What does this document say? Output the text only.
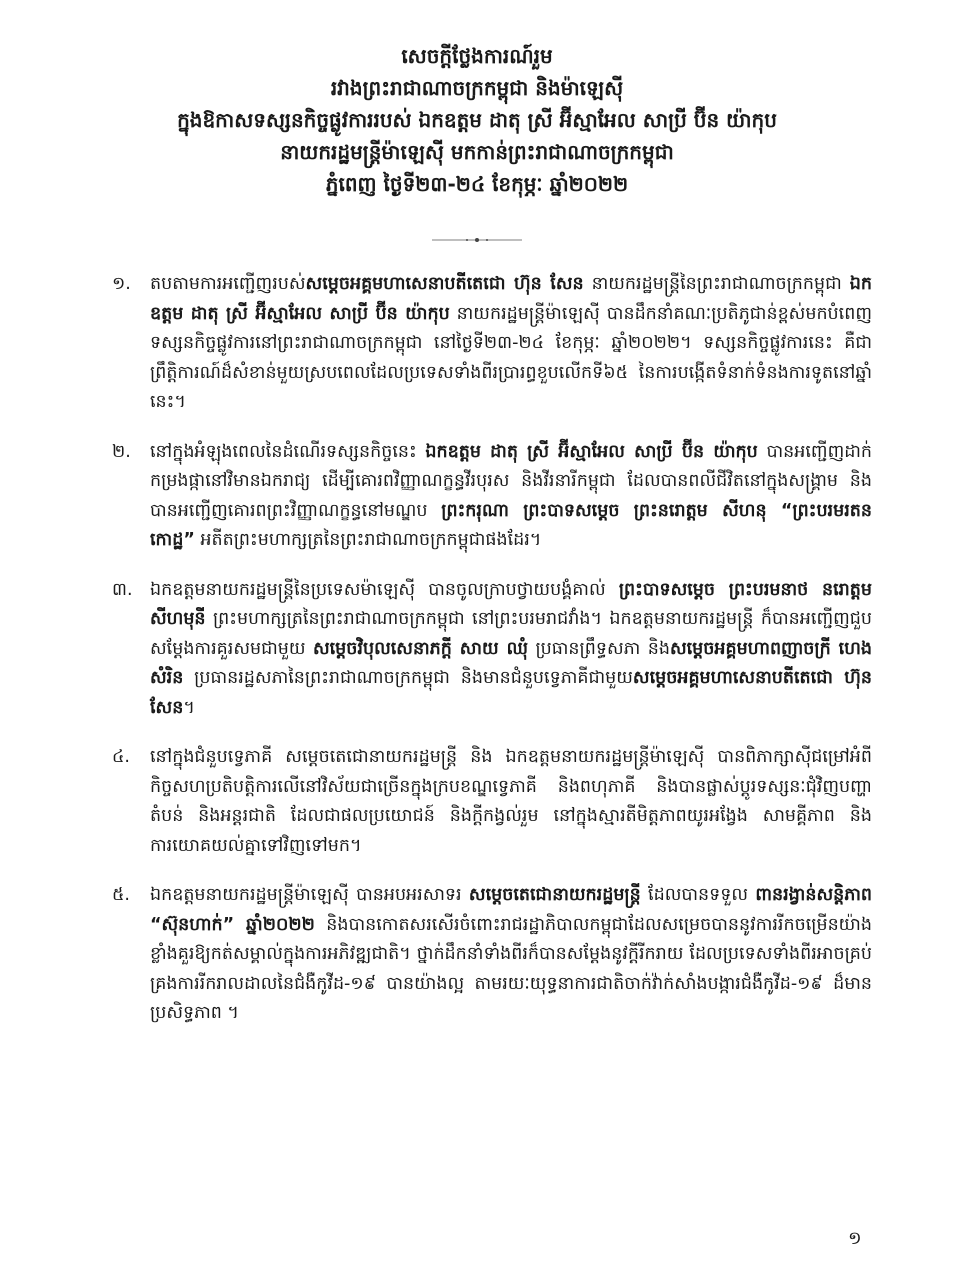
សេចក្តីថ្លែងការណ៍រួម
រវាងព្រះរាជាណាចក្រកម្ពុជា និងម៉ាឡេស៊ី
ក្នុងឱកាសទស្សនកិច្ចផ្លូវការរបស់ ឯកឧត្តម ដាតុ ស្រី អ៊ីស្មាអែល សាប្រី ប៊ីន យ៉ាកុប
នាយករដ្ឋមន្ត្រីម៉ាឡេស៊ី មកកាន់ព្រះរាជាណាចក្រកម្ពុជា
ភ្នំពេញ ថ្ងៃទី២៣-២៤ ខែកុម្ភៈ ឆ្នាំ២០២២
១. តបតាមការអញ្ជើញរបស់សម្តេចអគ្គមហាសេនាបតីតេជោ ហ៊ុន សែន នាយករដ្ឋមន្ត្រីនៃព្រះរាជាណាចក្រកម្ពុជា ឯកឧត្តម ដាតុ ស្រី អ៊ីស្មាអែល សាប្រី ប៊ីន យ៉ាកុប នាយករដ្ឋមន្ត្រីម៉ាឡេស៊ី បានដឹកនាំគណៈប្រតិភូជាន់ខ្ពស់មកបំពេញទស្សនកិច្ចផ្លូវការនៅព្រះរាជាណាចក្រកម្ពុជា នៅថ្ងៃទី២៣-២៤ ខែកុម្ភៈ ឆ្នាំ២០២២។ ទស្សនកិច្ចផ្លូវការនេះ គឺជាព្រឹត្តិការណ៍ដ៏សំខាន់មួយស្របពេលដែលប្រទេសទាំងពីរប្រារព្ធខួបលើកទី៦៥ នៃការបង្កើតទំនាក់ទំនងការទូតនៅឆ្នាំនេះ។
២. នៅក្នុងអំឡុងពេលនៃដំណើរទស្សនកិច្ចនេះ ឯកឧត្តម ដាតុ ស្រី អ៊ីស្មាអែល សាប្រី ប៊ីន យ៉ាកុប បានអញ្ជើញដាក់កម្រងផ្កានៅវិមានឯករាជ្យ ដើម្បីគោរពវិញ្ញាណក្ខន្ធវីរបុរស និងវីរនារីកម្ពុជា ដែលបានពលីជីវិតនៅក្នុងសង្គ្រាម និងបានអញ្ជើញគោរពព្រះវិញ្ញាណក្ខន្ធនៅមណ្ឌប ព្រះករុណា ព្រះបាទសម្តេច ព្រះនរោត្តម សីហនុ “ព្រះបរមរតនកោដ្ឋ” អតីតព្រះមហាក្សត្រនៃព្រះរាជាណាចក្រកម្ពុជាផងដែរ។
៣. ឯកឧត្តមនាយករដ្ឋមន្ត្រីនៃប្រទេសម៉ាឡេស៊ី បានចូលក្រាបថ្វាយបង្គំគាល់ ព្រះបាទសម្តេច ព្រះបរមនាថ នរោត្តម សីហមុនី ព្រះមហាក្សត្រនៃព្រះរាជាណាចក្រកម្ពុជា នៅព្រះបរមរាជវាំង។ ឯកឧត្តមនាយករដ្ឋមន្ត្រី ក៏បានអញ្ជើញជួបសម្តែងការគួរសមជាមួយ សម្តេចវិបុលសេនាភក្តី សាយ ឈុំ ប្រធានព្រឹទ្ធសភា និងសម្តេចអគ្គមហាពញាចក្រី ហេង សំរិន ប្រធានរដ្ឋសភានៃព្រះរាជាណាចក្រកម្ពុជា និងមានជំនួបទ្វេភាគីជាមួយសម្តេចអគ្គមហាសេនាបតីតេជោ ហ៊ុន សែន។
៤. នៅក្នុងជំនួបទ្វេភាគី សម្តេចតេជោនាយករដ្ឋមន្ត្រី និង ឯកឧត្តមនាយករដ្ឋមន្ត្រីម៉ាឡេស៊ី បានពិភាក្សាស៊ីជម្រៅអំពីកិច្ចសហប្រតិបត្តិការលើនៅវិស័យជាច្រើនក្នុងក្របខណ្ឌទ្វេភាគី និងពហុភាគី និងបានផ្លាស់ប្តូរទស្សនៈជុំវិញបញ្ហាតំបន់ និងអន្តរជាតិ ដែលជាផលប្រយោជន៍ និងក្តីកង្វល់រួម នៅក្នុងស្មារតីមិត្តភាពយូរអង្វែង សាមគ្គីភាព និងការយោគយល់គ្នាទៅវិញទៅមក។
៥. ឯកឧត្តមនាយករដ្ឋមន្ត្រីម៉ាឡេស៊ី បានអបអរសាទរ សម្តេចតេជោនាយករដ្ឋមន្ត្រី ដែលបានទទួល ពានរង្វាន់សន្តិភាព “ស៊ុនហាក់” ឆ្នាំ២០២២ និងបានកោតសរសើរចំពោះរាជរដ្ឋាភិបាលកម្ពុជាដែលសម្រេចបាននូវការរីកចម្រើនយ៉ាងខ្លាំងគួរឱ្យកត់សម្គាល់ក្នុងការអភិវឌ្ឍជាតិ។ ថ្នាក់ដឹកនាំទាំងពីរក៏បានសម្តែងនូវក្តីរីករាយ ដែលប្រទេសទាំងពីរអាចគ្រប់គ្រងការរីករាលដាលនៃជំងឺកូវីដ-១៩ បានយ៉ាងល្អ តាមរយៈយុទ្ធនាការជាតិចាក់វ៉ាក់សាំងបង្ការជំងឺកូវីដ-១៩ ដ៏មានប្រសិទ្ធភាព ។
១
